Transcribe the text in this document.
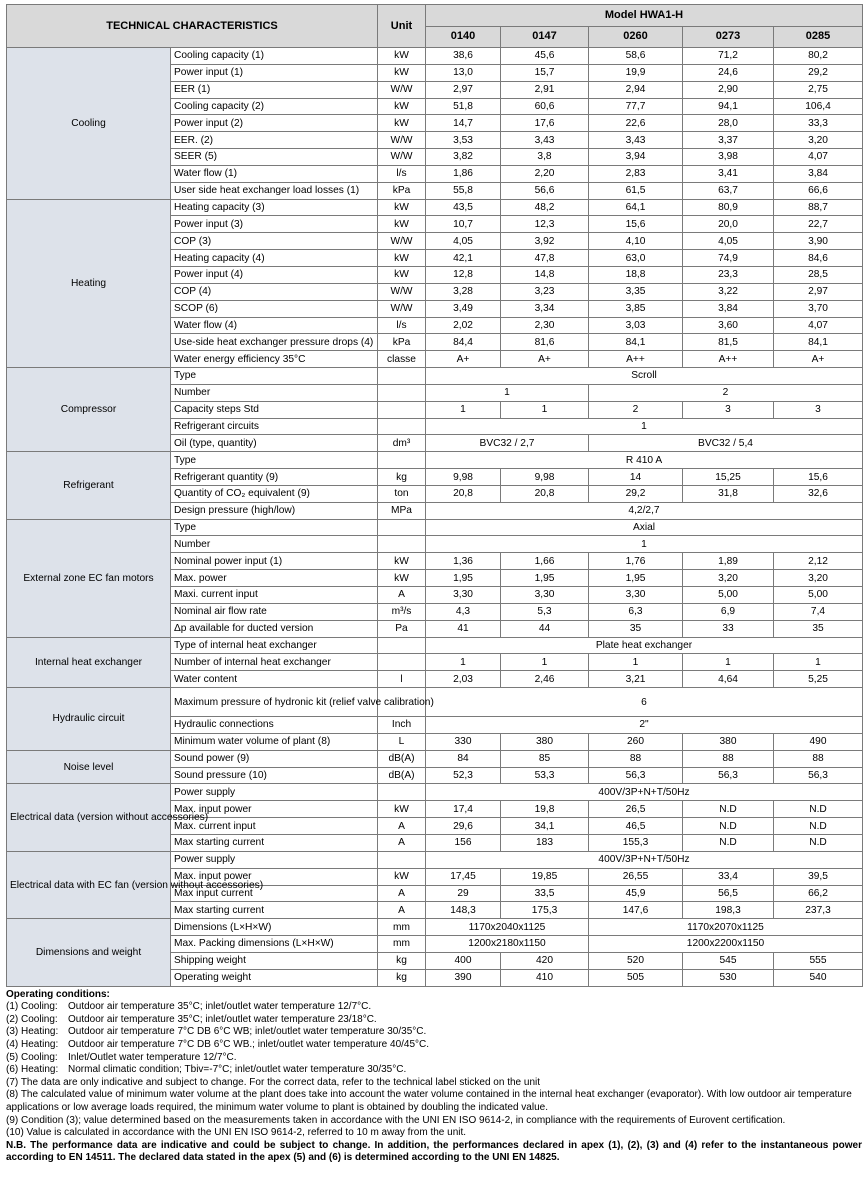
TECHNICAL CHARACTERISTICS		Unit	Model HWA1-H				
			0140	0147	0260	0273	0285
Cooling	Cooling capacity (1)	kW	38,6	45,6	58,6	71,2	80,2
	Power input (1)	kW	13,0	15,7	19,9	24,6	29,2
	EER (1)	W/W	2,97	2,91	2,94	2,90	2,75
	Cooling capacity (2)	kW	51,8	60,6	77,7	94,1	106,4
	Power input (2)	kW	14,7	17,6	22,6	28,0	33,3
	EER. (2)	W/W	3,53	3,43	3,43	3,37	3,20
	SEER (5)	W/W	3,82	3,8	3,94	3,98	4,07
	Water flow (1)	l/s	1,86	2,20	2,83	3,41	3,84
	User side heat exchanger load losses (1)	kPa	55,8	56,6	61,5	63,7	66,6
Heating	Heating capacity (3)	kW	43,5	48,2	64,1	80,9	88,7
	Power input (3)	kW	10,7	12,3	15,6	20,0	22,7
	COP (3)	W/W	4,05	3,92	4,10	4,05	3,90
	Heating capacity (4)	kW	42,1	47,8	63,0	74,9	84,6
	Power input (4)	kW	12,8	14,8	18,8	23,3	28,5
	COP (4)	W/W	3,28	3,23	3,35	3,22	2,97
	SCOP (6)	W/W	3,49	3,34	3,85	3,84	3,70
	Water flow (4)	l/s	2,02	2,30	3,03	3,60	4,07
	Use-side heat exchanger pressure drops (4)	kPa	84,4	81,6	84,1	81,5	84,1
	Water energy efficiency 35°C	classe	A+	A+	A++	A++	A+
Compressor	Type		Scroll				
	Number		1		2		
	Capacity steps Std		1	1	2	3	3
	Refrigerant circuits		1				
	Oil (type, quantity)	dm³	BVC32 / 2,7		BVC32 / 5,4		
Refrigerant	Type		R 410 A				
	Refrigerant quantity (9)	kg	9,98	9,98	14	15,25	15,6
	Quantity of CO₂ equivalent (9)	ton	20,8	20,8	29,2	31,8	32,6
	Design pressure (high/low)	MPa	4,2/2,7				
External zone EC fan motors	Type		Axial				
	Number		1				
	Nominal power input (1)	kW	1,36	1,66	1,76	1,89	2,12
	Max. power	kW	1,95	1,95	1,95	3,20	3,20
	Maxi. current input	A	3,30	3,30	3,30	5,00	5,00
	Nominal air flow rate	m³/s	4,3	5,3	6,3	6,9	7,4
	Δp available for ducted version	Pa	41	44	35	33	35
Internal heat exchanger	Type of internal heat exchanger		Plate heat exchanger				
	Number of internal heat exchanger		1	1	1	1	1
	Water content	l	2,03	2,46	3,21	4,64	5,25
Hydraulic circuit	Maximum pressure of hydronic kit (relief valve calibration)		6				
	Hydraulic connections	Inch	2"				
	Minimum water volume of plant (8)	L	330	380	260	380	490
Noise level	Sound power (9)	dB(A)	84	85	88	88	88
	Sound pressure (10)	dB(A)	52,3	53,3	56,3	56,3	56,3
Electrical data (version without accessories)	Power supply		400V/3P+N+T/50Hz				
	Max. input power	kW	17,4	19,8	26,5	N.D	N.D
	Max. current input	A	29,6	34,1	46,5	N.D	N.D
	Max starting current	A	156	183	155,3	N.D	N.D
Electrical data with EC fan (version without accessories)	Power supply		400V/3P+N+T/50Hz				
	Max. input power	kW	17,45	19,85	26,55	33,4	39,5
	Max input current	A	29	33,5	45,9	56,5	66,2
	Max starting current	A	148,3	175,3	147,6	198,3	237,3
Dimensions and weight	Dimensions (L×H×W)	mm	1170x2040x1125		1170x2070x1125		
	Max. Packing dimensions (L×H×W)	mm	1200x2180x1150		1200x2200x1150		
	Shipping weight	kg	400	420	520	545	555
	Operating weight	kg	390	410	505	530	540
Operating conditions:
(1) Cooling: Outdoor air temperature 35°C; inlet/outlet water temperature 12/7°C.
(2) Cooling: Outdoor air temperature 35°C; inlet/outlet water temperature 23/18°C.
(3) Heating: Outdoor air temperature 7°C DB 6°C WB; inlet/outlet water temperature 30/35°C.
(4) Heating: Outdoor air temperature 7°C DB 6°C WB.; inlet/outlet water temperature 40/45°C.
(5) Cooling: Inlet/Outlet water temperature 12/7°C.
(6) Heating: Normal climatic condition; Tbiv=-7°C; inlet/outlet water temperature 30/35°C.
(7) The data are only indicative and subject to change. For the correct data, refer to the technical label sticked on the unit
(8) The calculated value of minimum water volume at the plant does take into account the water volume contained in the internal heat exchanger (evaporator). With low outdoor air temperature applications or low average loads required, the minimum water volume to plant is obtained by doubling the indicated value.
(9) Condition (3); value determined based on the measurements taken in accordance with the UNI EN ISO 9614-2, in compliance with the requirements of Eurovent certification.
(10) Value is calculated in accordance with the UNI EN ISO 9614-2, referred to 10 m away from the unit.
N.B. The performance data are indicative and could be subject to change. In addition, the performances declared in apex (1), (2), (3) and (4) refer to the instantaneous power according to EN 14511. The declared data stated in the apex (5) and (6) is determined according to the UNI EN 14825.
